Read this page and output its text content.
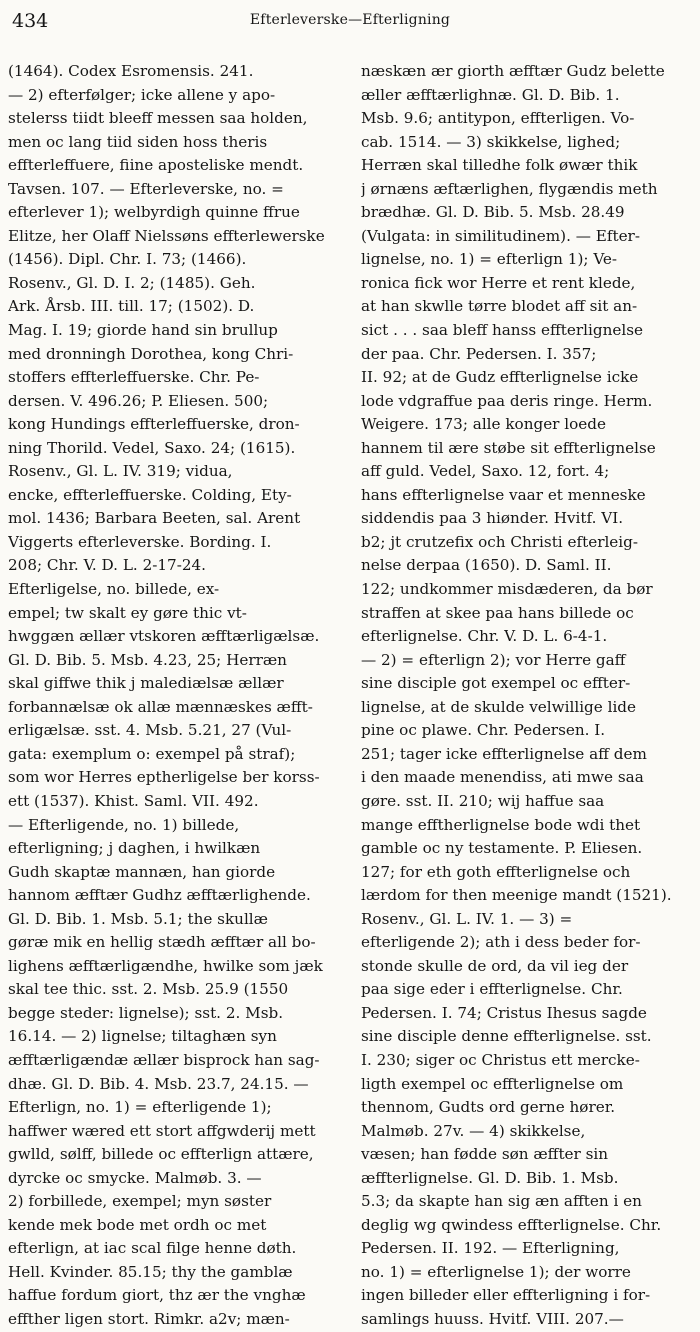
434	Efterleverske—Efterligning
(1464). Codex Esromensis. 241.
— 2) efterfølger; icke allene y apo-
stelerss tiidt bleeff messen saa holden,
men oc lang tiid siden hoss theris
effterleffuere, fiine aposteliske mendt.
Tavsen. 107. — Efterleverske, no. =
efterlever 1); welbyrdigh quinne ffrue
Elitze, her Olaff Nielssøns effterlewerske
(1456). Dipl. Chr. I. 73; (1466).
Rosenv., Gl. D. I. 2; (1485). Geh.
Ark. Årsb. III. till. 17; (1502). D.
Mag. I. 19; giorde hand sin brullup
med dronningh Dorothea, kong Chri-
stoffers effterleffuerske. Chr. Pe-
dersen. V. 496.26; P. Eliesen. 500;
kong Hundings effterleffuerske, dron-
ning Thorild. Vedel, Saxo. 24; (1615).
Rosenv., Gl. L. IV. 319; vidua,
encke, effterleffuerske. Colding, Ety-
mol. 1436; Barbara Beeten, sal. Arent
Viggerts efterleverske. Bording. I.
208; Chr. V. D. L. 2-17-24.
Efterligelse, no. billede, ex-
empel; tw skalt ey gøre thic vt-
hwggæn ællær vtskoren æfftærligælsæ.
Gl. D. Bib. 5. Msb. 4.23, 25; Herræn
skal giffwe thik j malediælsæ ællær
forbannælsæ ok allæ mænnæskes æfft-
erligælsæ. sst. 4. Msb. 5.21, 27 (Vul-
gata: exemplum o: exempel på straf);
som wor Herres eptherligelse ber korss-
ett (1537). Khist. Saml. VII. 492.
— Efterligende, no. 1) billede,
efterligning; j daghen, i hwilkæn
Gudh skaptæ mannæn, han giorde
hannom æfftær Gudhz æfftærlighende.
Gl. D. Bib. 1. Msb. 5.1; the skullæ
gøræ mik en hellig stædh æfftær all bo-
lighens æfftærligændhe, hwilke som jæk
skal tee thic. sst. 2. Msb. 25.9 (1550
begge steder: lignelse); sst. 2. Msb.
16.14. — 2) lignelse; tiltaghæn syn
æfftærligændæ ællær bisprock han sag-
dhæ. Gl. D. Bib. 4. Msb. 23.7, 24.15. —
Efterlign, no. 1) = efterligende 1);
haffwer wæred ett stort affgwderij mett
gwlld, sølff, billede oc effterlign attære,
dyrcke oc smycke. Malmøb. 3. —
2) forbillede, exempel; myn søster
kende mek bode met ordh oc met
efterlign, at iac scal filge henne døth.
Hell. Kvinder. 85.15; thy the gamblæ
haffue fordum giort, thz ær the vnghæ
effther ligen stort. Rimkr. a2v; mæn-
næskæn ær giorth æfftær Gudz belette
æller æfftærlighnæ. Gl. D. Bib. 1.
Msb. 9.6; antitypon, effterligen. Vo-
cab. 1514. — 3) skikkelse, lighed;
Herræn skal tilledhe folk øwær thik
j ørnæns æftærlighen, flygændis meth
brædhæ. Gl. D. Bib. 5. Msb. 28.49
(Vulgata: in similitudinem). — Efter-
lignelse, no. 1) = efterlign 1); Ve-
ronica fick wor Herre et rent klede,
at han skwlle tørre blodet aff sit an-
sict . . . saa bleff hanss effterlignelse
der paa. Chr. Pedersen. I. 357;
II. 92; at de Gudz effterlignelse icke
lode vdgraffue paa deris ringe. Herm.
Weigere. 173; alle konger loede
hannem til ære støbe sit effterlignelse
aff guld. Vedel, Saxo. 12, fort. 4;
hans effterlignelse vaar et menneske
siddendis paa 3 hiønder. Hvitf. VI.
b2; jt crutzefix och Christi efterleig-
nelse derpaa (1650). D. Saml. II.
122; undkommer misdæderen, da bør
straffen at skee paa hans billede oc
efterlignelse. Chr. V. D. L. 6-4-1.
— 2) = efterlign 2); vor Herre gaff
sine disciple got exempel oc effter-
lignelse, at de skulde velwillige lide
pine oc plawe. Chr. Pedersen. I.
251; tager icke effterlignelse aff dem
i den maade menendiss, ati mwe saa
gøre. sst. II. 210; wij haffue saa
mange efftherlignelse bode wdi thet
gamble oc ny testamente. P. Eliesen.
127; for eth goth effterlignelse och
lærdom for then meenige mandt (1521).
Rosenv., Gl. L. IV. 1. — 3) =
efterligende 2); ath i dess beder for-
stonde skulle de ord, da vil ieg der
paa sige eder i effterlignelse. Chr.
Pedersen. I. 74; Cristus Ihesus sagde
sine disciple denne effterlignelse. sst.
I. 230; siger oc Christus ett mercke-
ligth exempel oc effterlignelse om
thennom, Gudts ord gerne hører.
Malmøb. 27v. — 4) skikkelse,
væsen; han fødde søn æffter sin
æffterlignelse. Gl. D. Bib. 1. Msb.
5.3; da skapte han sig æn afften i en
deglig wg qwindess effterlignelse. Chr.
Pedersen. II. 192. — Efterligning,
no. 1) = efterlignelse 1); der worre
ingen billeder eller effterligning i for-
samlings huuss. Hvitf. VIII. 207.—
